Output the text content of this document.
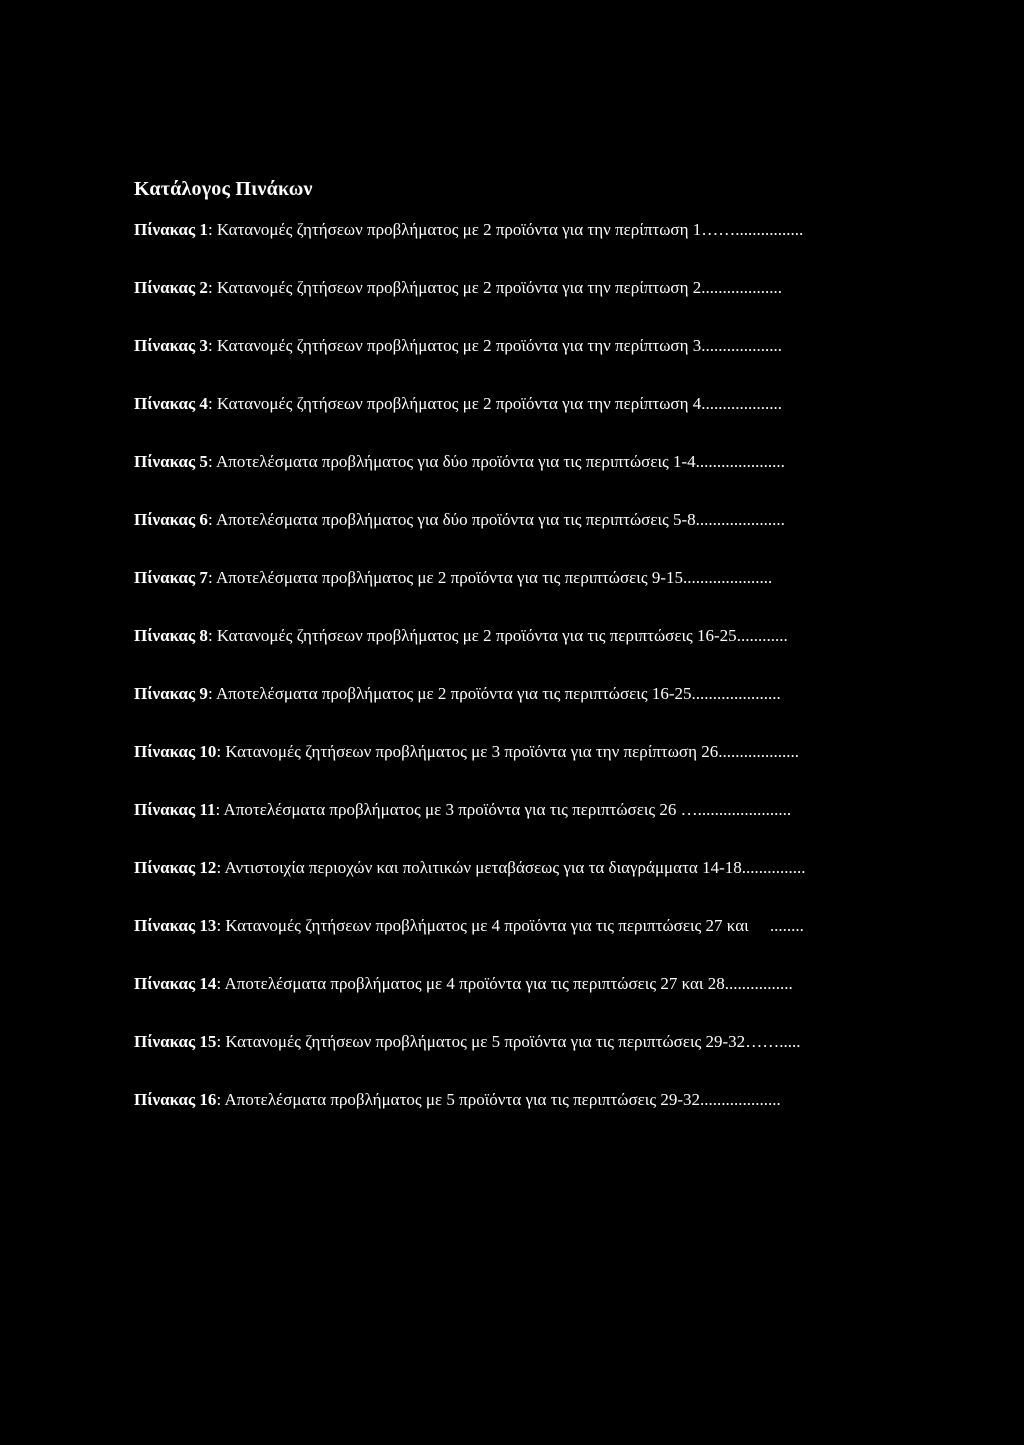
Κατάλογος Πινάκων
Πίνακας 1: Κατανομές ζητήσεων προβλήματος με 2 προϊόντα για την περίπτωση 1……................
Πίνακας 2: Κατανομές ζητήσεων προβλήματος με 2 προϊόντα για την περίπτωση 2...................
Πίνακας 3: Κατανομές ζητήσεων προβλήματος με 2 προϊόντα για την περίπτωση 3...................
Πίνακας 4: Κατανομές ζητήσεων προβλήματος με 2 προϊόντα για την περίπτωση 4...................
Πίνακας 5: Αποτελέσματα προβλήματος για δύο προϊόντα για τις περιπτώσεις 1-4.....................
Πίνακας 6: Αποτελέσματα προβλήματος για δύο προϊόντα για τις περιπτώσεις 5-8.....................
Πίνακας 7: Αποτελέσματα προβλήματος με 2 προϊόντα για τις περιπτώσεις 9-15.....................
Πίνακας 8: Κατανομές ζητήσεων προβλήματος με 2 προϊόντα για τις περιπτώσεις 16-25............
Πίνακας 9: Αποτελέσματα προβλήματος με 2 προϊόντα για τις περιπτώσεις 16-25.....................
Πίνακας 10: Κατανομές ζητήσεων προβλήματος με 3 προϊόντα για την περίπτωση 26...................
Πίνακας 11: Αποτελέσματα προβλήματος με 3 προϊόντα για τις περιπτώσεις 26 …......................
Πίνακας 12: Αντιστοιχία περιοχών και πολιτικών μεταβάσεως για τα διαγράμματα 14-18...............
Πίνακας 13: Κατανομές ζητήσεων προβλήματος με 4 προϊόντα για τις περιπτώσεις 27 και     ........
Πίνακας 14: Αποτελέσματα προβλήματος με 4 προϊόντα για τις περιπτώσεις 27 και 28................
Πίνακας 15: Κατανομές ζητήσεων προβλήματος με 5 προϊόντα για τις περιπτώσεις 29-32…….....
Πίνακας 16: Αποτελέσματα προβλήματος με 5 προϊόντα για τις περιπτώσεις 29-32...................
